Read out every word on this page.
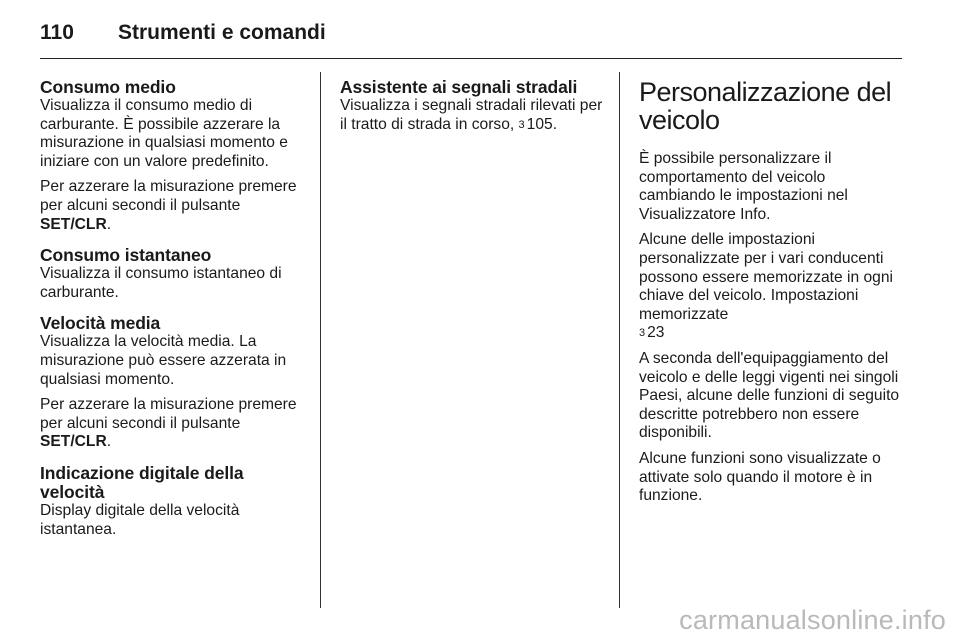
110 Strumenti e comandi
Consumo medio

Visualizza il consumo medio di carburante. È possibile azzerare la misurazione in qualsiasi momento e iniziare con un valore predefinito.

Per azzerare la misurazione premere per alcuni secondi il pulsante SET/CLR.

Consumo istantaneo

Visualizza il consumo istantaneo di carburante.

Velocità media

Visualizza la velocità media. La misurazione può essere azzerata in qualsiasi momento.

Per azzerare la misurazione premere per alcuni secondi il pulsante SET/CLR.

Indicazione digitale della velocità

Display digitale della velocità istantanea.

Assistente ai segnali stradali

Visualizza i segnali stradali rilevati per il tratto di strada in corso, 3 105.

Personalizzazione del veicolo

È possibile personalizzare il comportamento del veicolo cambiando le impostazioni nel Visualizzatore Info.

Alcune delle impostazioni personalizzate per i vari conducenti possono essere memorizzate in ogni chiave del veicolo. Impostazioni memorizzate
3 23

A seconda dell'equipaggiamento del veicolo e delle leggi vigenti nei singoli Paesi, alcune delle funzioni di seguito descritte potrebbero non essere disponibili.

Alcune funzioni sono visualizzate o attivate solo quando il motore è in funzione.

carmanualsonline.info
